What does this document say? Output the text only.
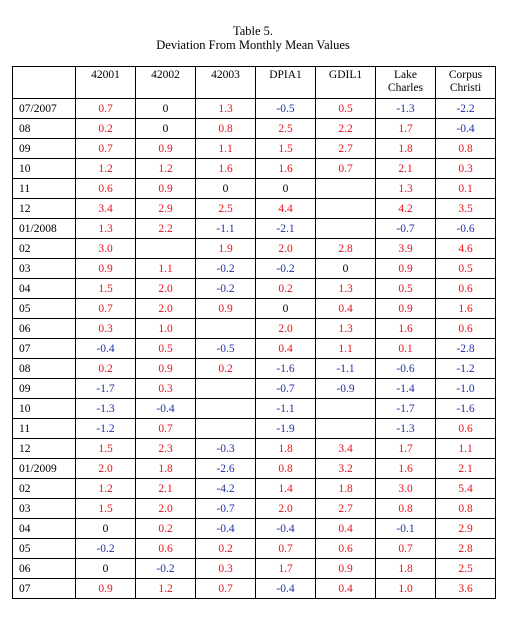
Table 5.
Deviation From Monthly Mean Values
	42001	42002	42003	DPIA1	GDIL1	Lake Charles	Corpus Christi
07/2007	0.7	0	1.3	-0.5	0.5	-1.3	-2.2
08	0.2	0	0.8	2.5	2.2	1.7	-0.4
09	0.7	0.9	1.1	1.5	2.7	1.8	0.8
10	1.2	1.2	1.6	1.6	0.7	2.1	0.3
11	0.6	0.9	0	0		1.3	0.1
12	3.4	2.9	2.5	4.4		4.2	3.5
01/2008	1.3	2.2	-1.1	-2.1		-0.7	-0.6
02	3.0		1.9	2.0	2.8	3.9	4.6
03	0.9	1.1	-0.2	-0.2	0	0.9	0.5
04	1.5	2.0	-0.2	0.2	1.3	0.5	0.6
05	0.7	2.0	0.9	0	0.4	0.9	1.6
06	0.3	1.0		2.0	1.3	1.6	0.6
07	-0.4	0.5	-0.5	0.4	1.1	0.1	-2.8
08	0.2	0.9	0.2	-1.6	-1.1	-0.6	-1.2
09	-1.7	0.3		-0.7	-0.9	-1.4	-1.0
10	-1.3	-0.4		-1.1		-1.7	-1.6
11	-1.2	0.7		-1.9		-1.3	0.6
12	1.5	2.3	-0.3	1.8	3.4	1.7	1.1
01/2009	2.0	1.8	-2.6	0.8	3.2	1.6	2.1
02	1.2	2.1	-4.2	1.4	1.8	3.0	5.4
03	1.5	2.0	-0.7	2.0	2.7	0.8	0.8
04	0	0.2	-0.4	-0.4	0.4	-0.1	2.9
05	-0.2	0.6	0.2	0.7	0.6	0.7	2.8
06	0	-0.2	0.3	1.7	0.9	1.8	2.5
07	0.9	1.2	0.7	-0.4	0.4	1.0	3.6
